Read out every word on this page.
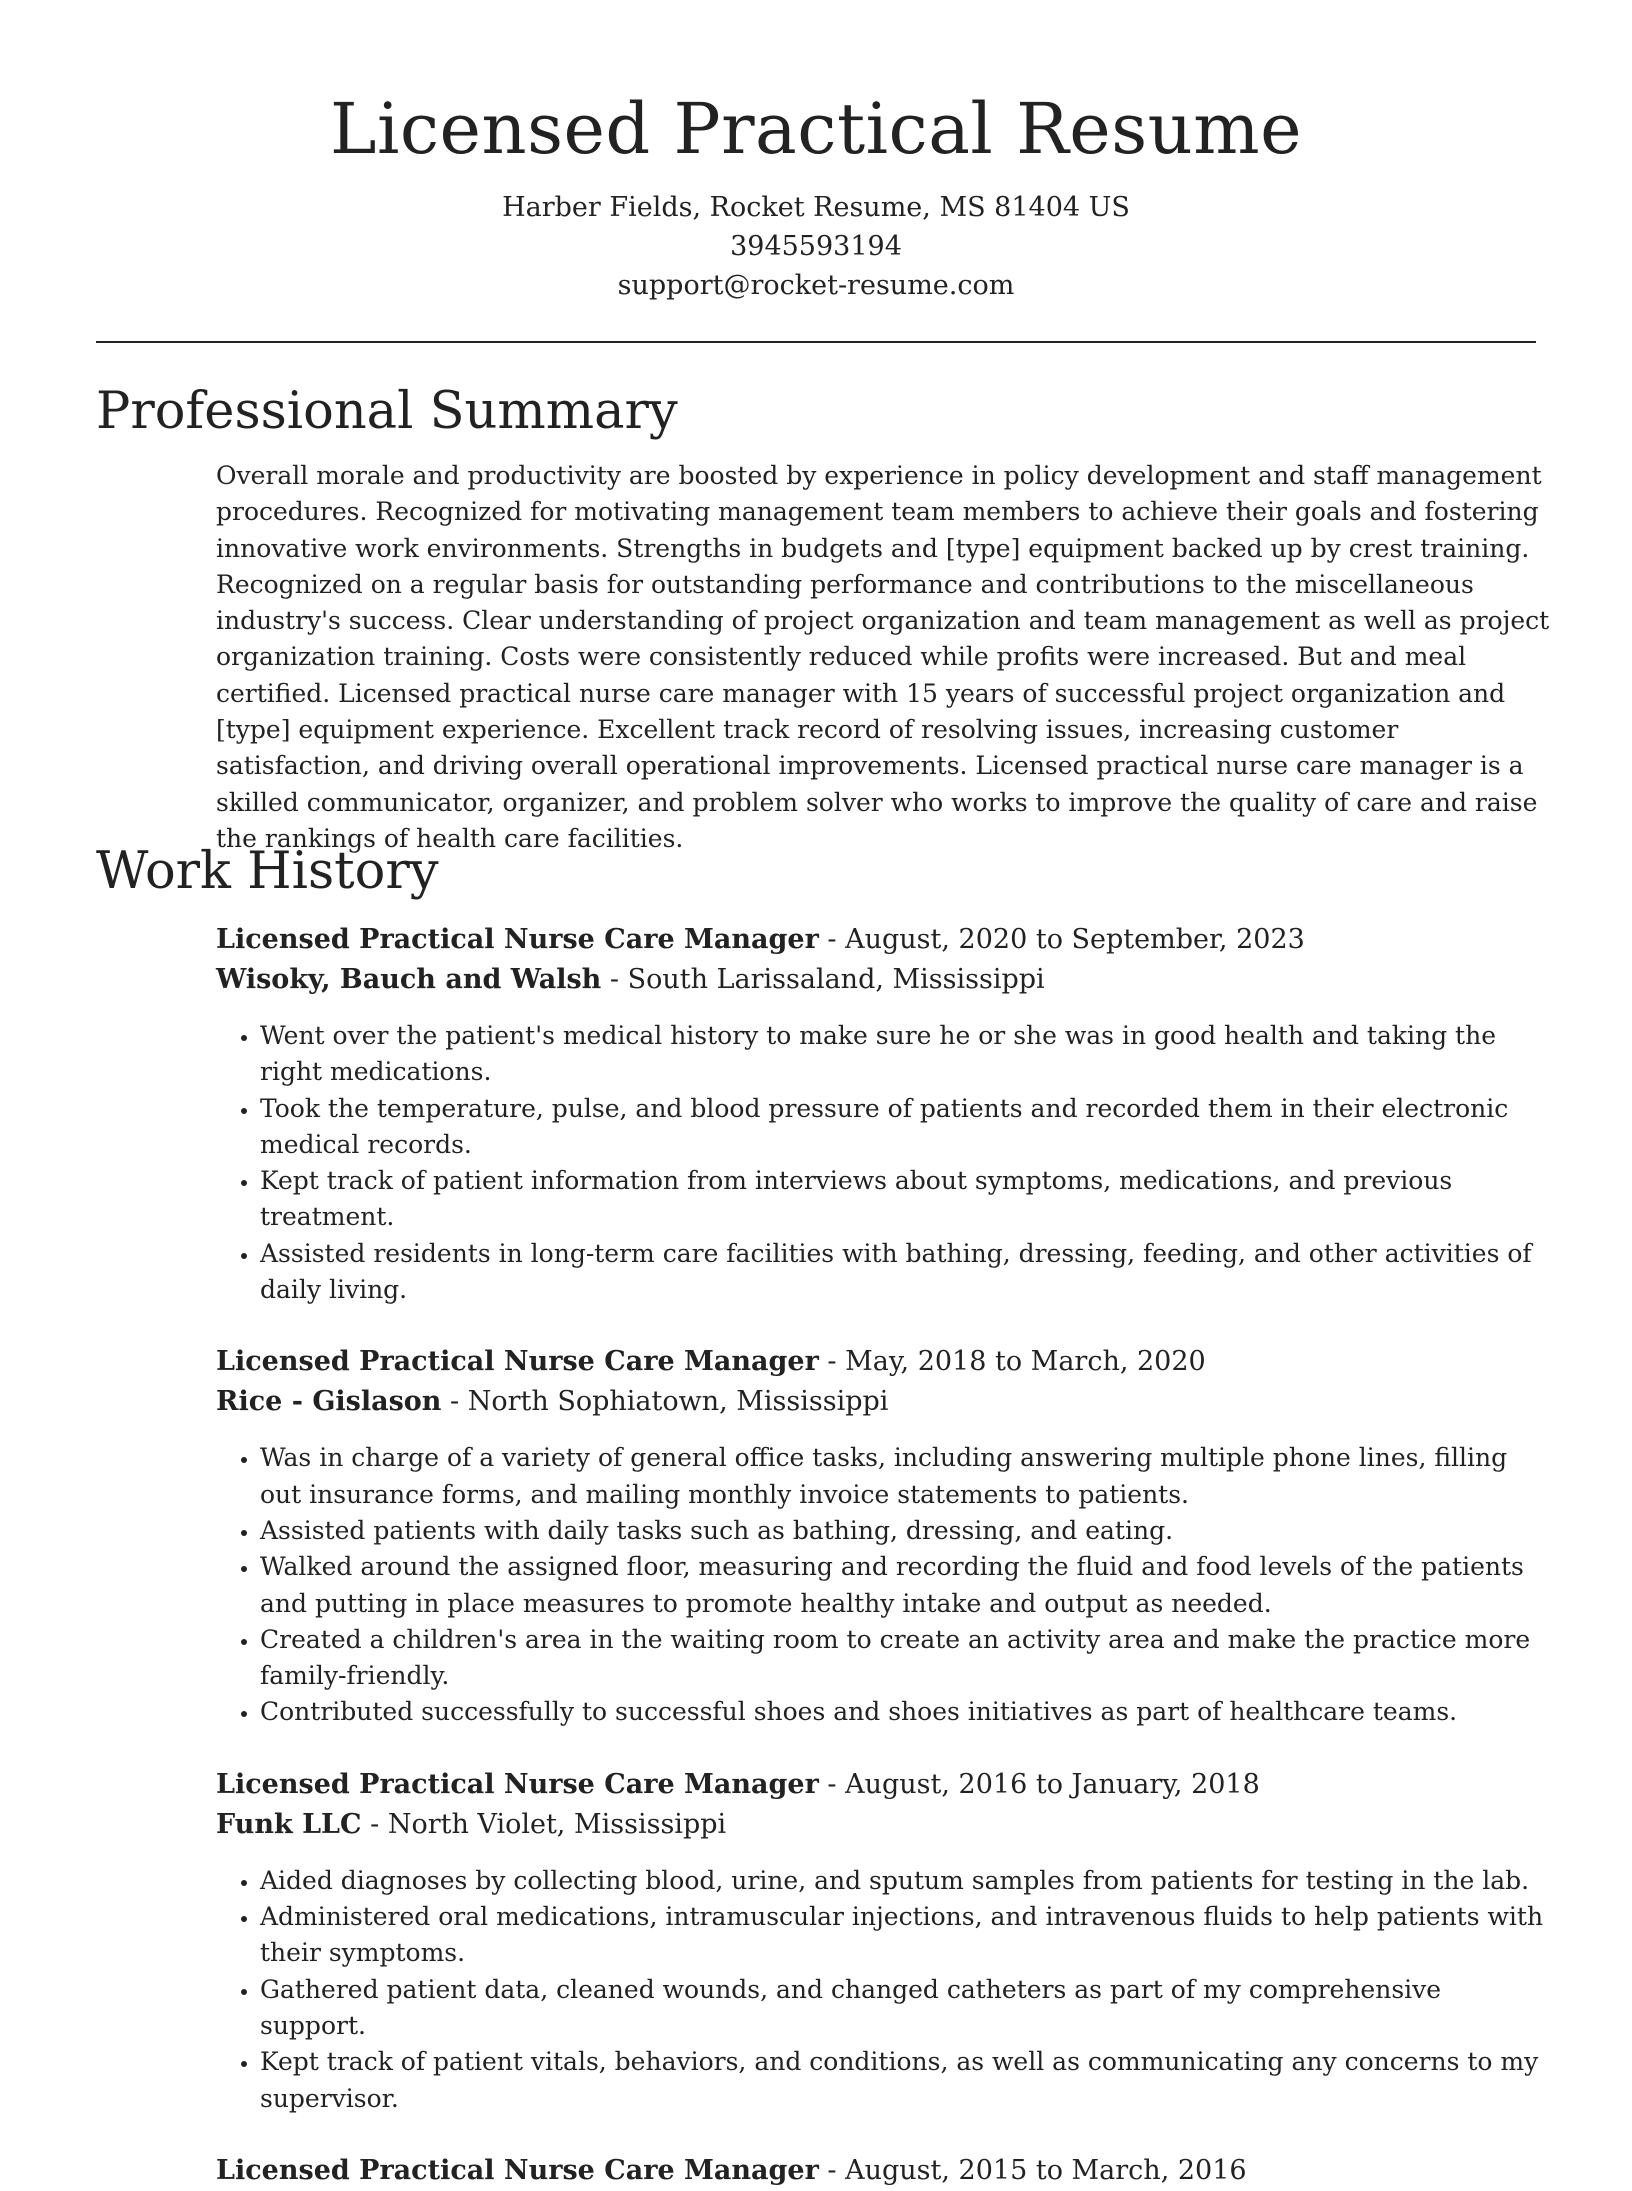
Licensed Practical Resume

Harber Fields, Rocket Resume, MS 81404 US

3945593194

support@rocket-resume.com

Professional Summary

Overall morale and productivity are boosted by experience in policy development and staff management procedures. Recognized for motivating management team members to achieve their goals and fostering innovative work environments. Strengths in budgets and [type] equipment backed up by crest training. Recognized on a regular basis for outstanding performance and contributions to the miscellaneous industry's success. Clear understanding of project organization and team management as well as project organization training. Costs were consistently reduced while profits were increased. But and meal certified. Licensed practical nurse care manager with 15 years of successful project organization and [type] equipment experience. Excellent track record of resolving issues, increasing customer satisfaction, and driving overall operational improvements. Licensed practical nurse care manager is a skilled communicator, organizer, and problem solver who works to improve the quality of care and raise the rankings of health care facilities.

Work History

Licensed Practical Nurse Care Manager - August, 2020 to September, 2023

Wisoky, Bauch and Walsh - South Larissaland, Mississippi

• Went over the patient's medical history to make sure he or she was in good health and taking the right medications.
• Took the temperature, pulse, and blood pressure of patients and recorded them in their electronic medical records.
• Kept track of patient information from interviews about symptoms, medications, and previous treatment.
• Assisted residents in long-term care facilities with bathing, dressing, feeding, and other activities of daily living.

Licensed Practical Nurse Care Manager - May, 2018 to March, 2020

Rice - Gislason - North Sophiatown, Mississippi

• Was in charge of a variety of general office tasks, including answering multiple phone lines, filling out insurance forms, and mailing monthly invoice statements to patients.
• Assisted patients with daily tasks such as bathing, dressing, and eating.
• Walked around the assigned floor, measuring and recording the fluid and food levels of the patients and putting in place measures to promote healthy intake and output as needed.
• Created a children's area in the waiting room to create an activity area and make the practice more family-friendly.
• Contributed successfully to successful shoes and shoes initiatives as part of healthcare teams.

Licensed Practical Nurse Care Manager - August, 2016 to January, 2018

Funk LLC - North Violet, Mississippi

• Aided diagnoses by collecting blood, urine, and sputum samples from patients for testing in the lab.
• Administered oral medications, intramuscular injections, and intravenous fluids to help patients with their symptoms.
• Gathered patient data, cleaned wounds, and changed catheters as part of my comprehensive support.
• Kept track of patient vitals, behaviors, and conditions, as well as communicating any concerns to my supervisor.

Licensed Practical Nurse Care Manager - August, 2015 to March, 2016
